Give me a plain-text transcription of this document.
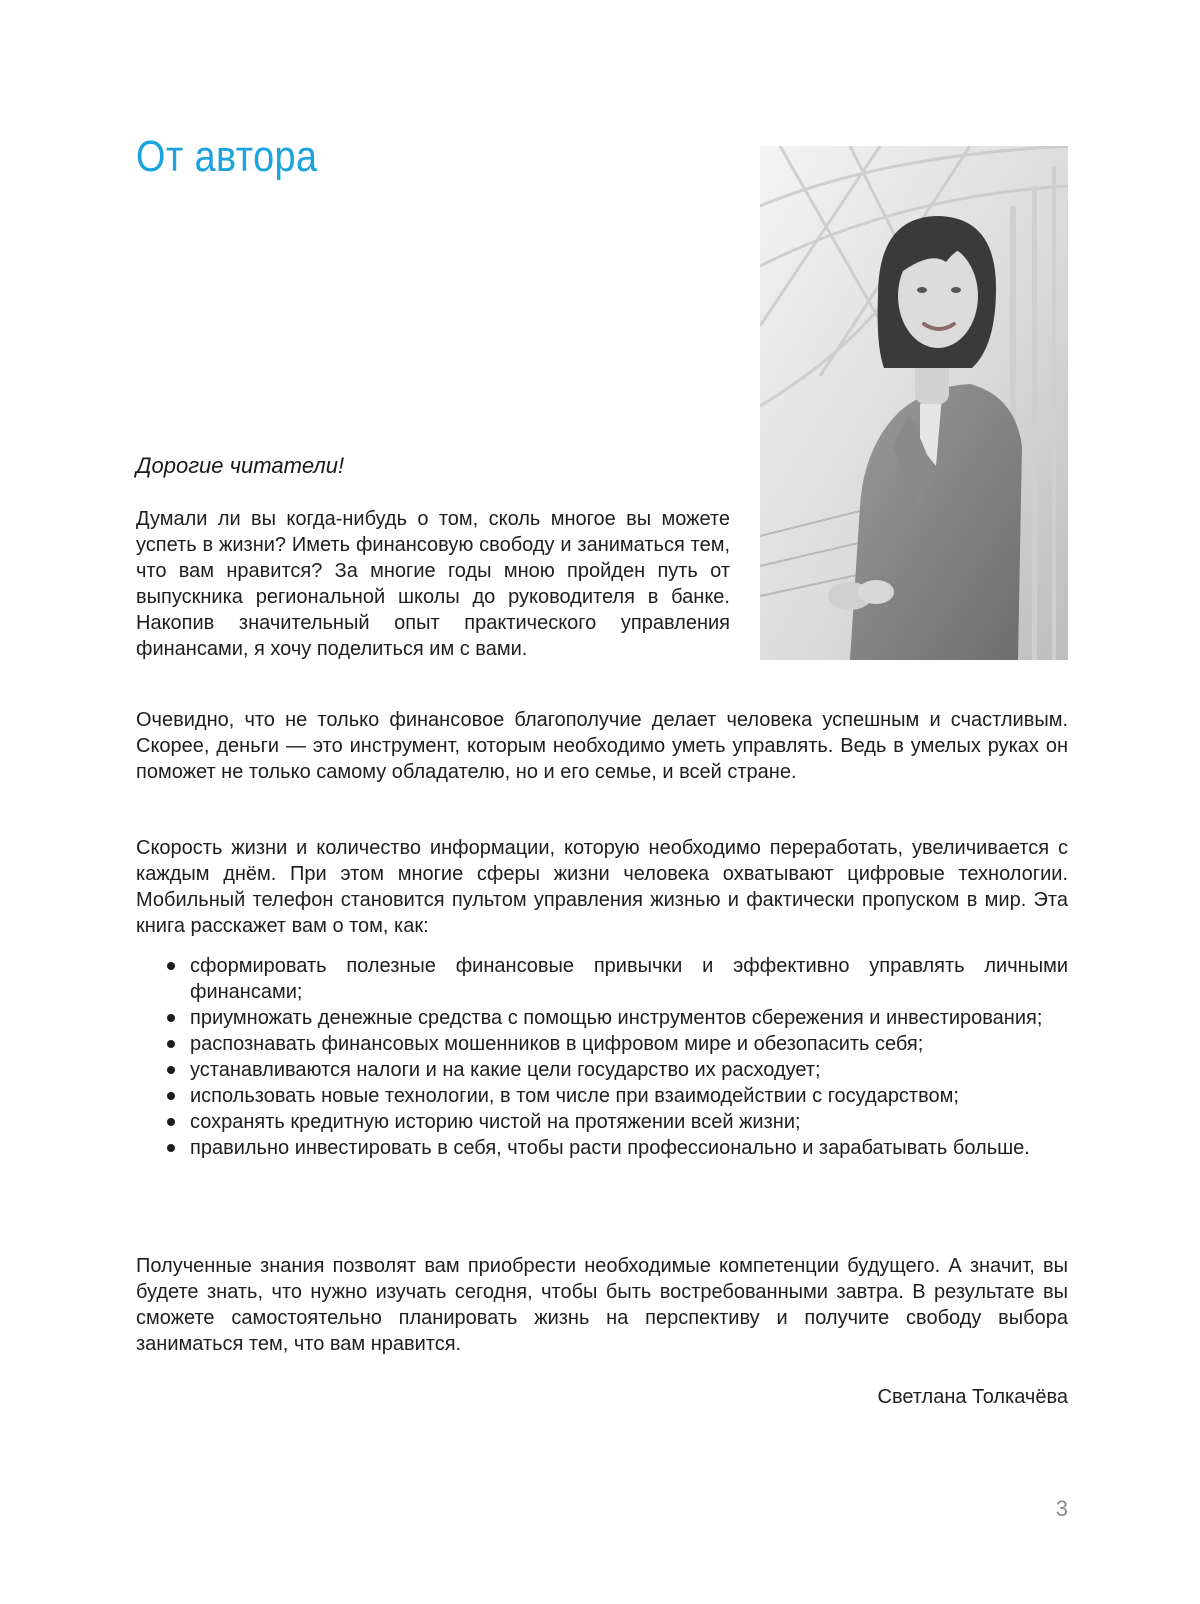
От автора

Дорогие читатели!

Думали ли вы когда-нибудь о том, сколь многое вы можете успеть в жизни? Иметь финансовую свободу и заниматься тем, что вам нравится? За многие годы мною пройден путь от выпускника региональной школы до руководителя в банке. Накопив значительный опыт практического управления финансами, я хочу поделиться им с вами.

Очевидно, что не только финансовое благополучие делает человека успешным и счастливым. Скорее, деньги — это инструмент, которым необходимо уметь управлять. Ведь в умелых руках он поможет не только самому обладателю, но и его семье, и всей стране.

Скорость жизни и количество информации, которую необходимо переработать, увеличивается с каждым днём. При этом многие сферы жизни человека охватывают цифровые технологии. Мобильный телефон становится пультом управления жизнью и фактически пропуском в мир. Эта книга расскажет вам о том, как:

сформировать полезные финансовые привычки и эффективно управлять личными финансами;
приумножать денежные средства с помощью инструментов сбережения и инвестирования;
распознавать финансовых мошенников в цифровом мире и обезопасить себя;
устанавливаются налоги и на какие цели государство их расходует;
использовать новые технологии, в том числе при взаимодействии с государством;
сохранять кредитную историю чистой на протяжении всей жизни;
правильно инвестировать в себя, чтобы расти профессионально и зарабатывать больше.

Полученные знания позволят вам приобрести необходимые компетенции будущего. А значит, вы будете знать, что нужно изучать сегодня, чтобы быть востребованными завтра. В результате вы сможете самостоятельно планировать жизнь на перспективу и получите свободу выбора заниматься тем, что вам нравится.

Светлана Толкачёва

3
